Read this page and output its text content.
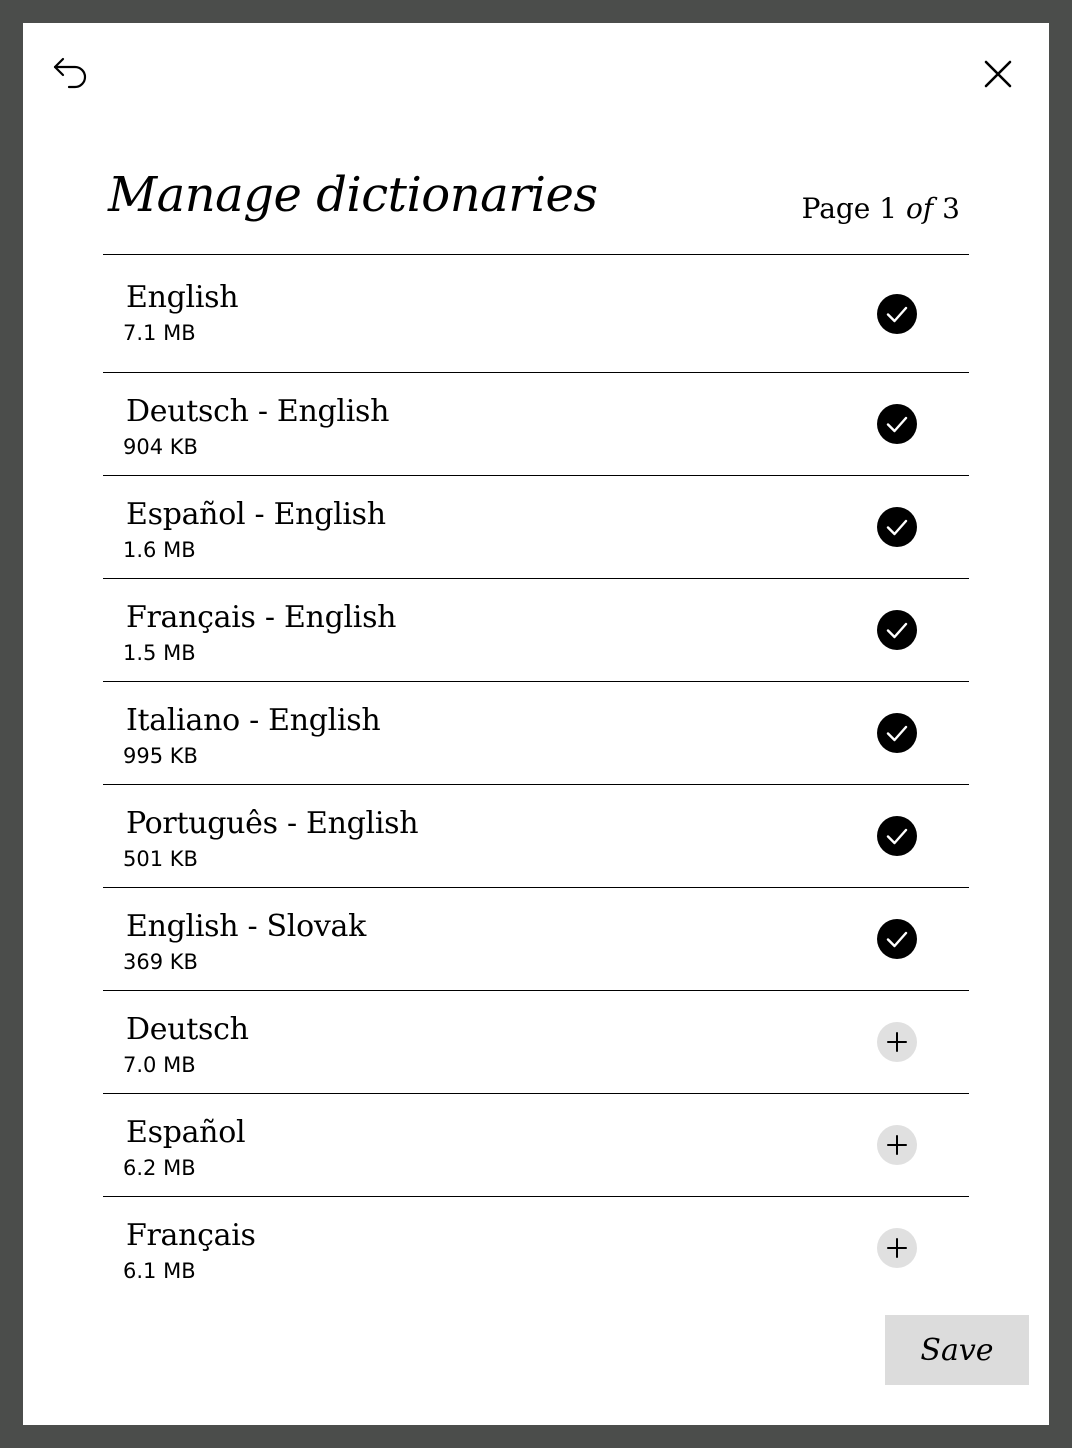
Manage dictionaries	Page 1 of 3
English
7.1 MB
Deutsch - English
904 KB
Español - English
1.6 MB
Français - English
1.5 MB
Italiano - English
995 KB
Português - English
501 KB
English - Slovak
369 KB
Deutsch
7.0 MB
Español
6.2 MB
Français
6.1 MB
Save
